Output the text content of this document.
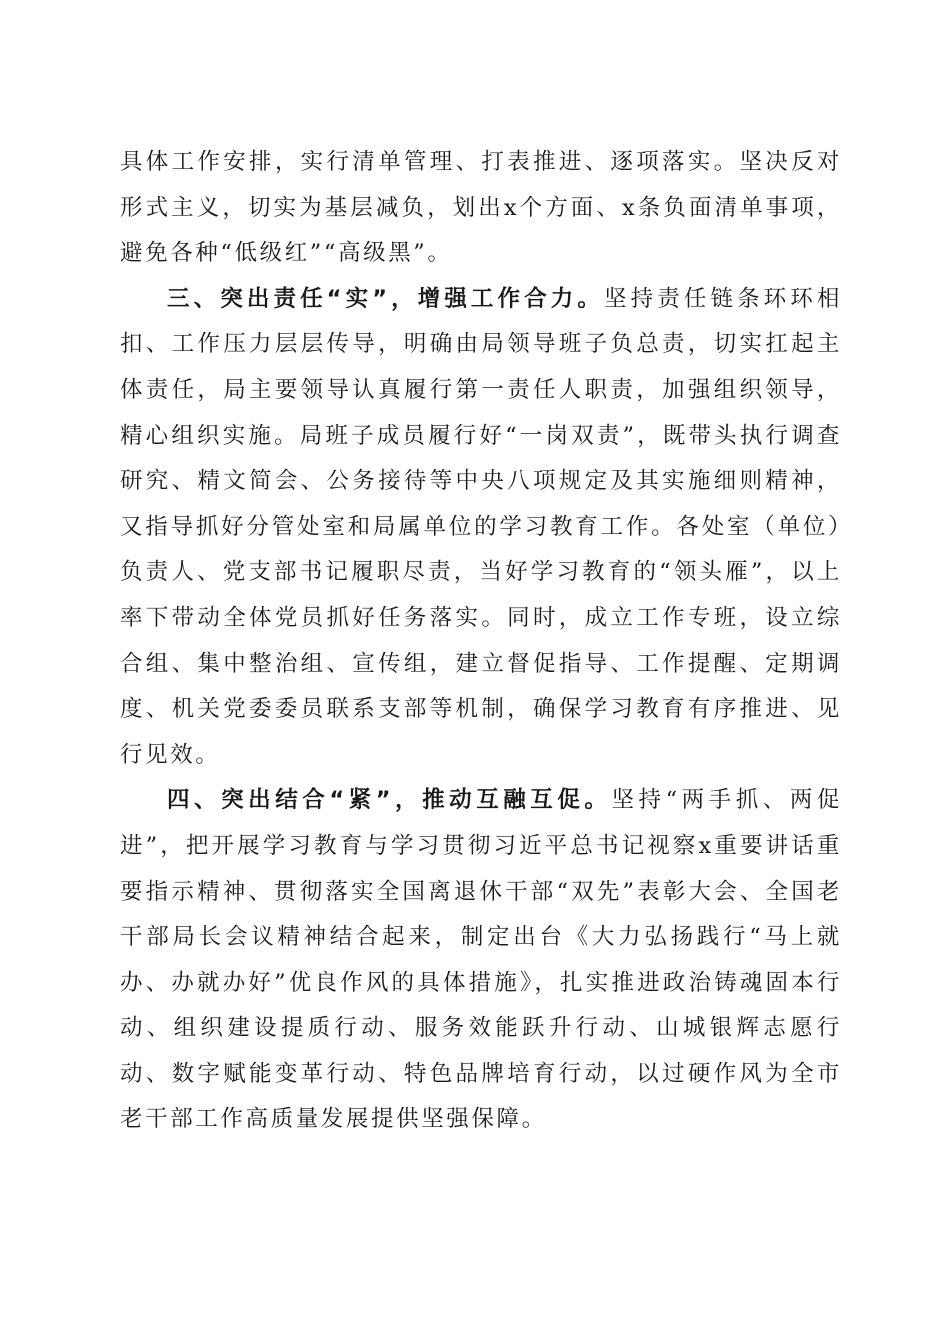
具体工作安排，实行清单管理、打表推进、逐项落实。坚决反对形式主义，切实为基层减负，划出x个方面、x条负面清单事项，避免各种“低级红”“高级黑”。

三、突出责任“实”，增强工作合力。坚持责任链条环环相扣、工作压力层层传导，明确由局领导班子负总责，切实扛起主体责任，局主要领导认真履行第一责任人职责，加强组织领导，精心组织实施。局班子成员履行好“一岗双责”，既带头执行调查研究、精文简会、公务接待等中央八项规定及其实施细则精神，又指导抓好分管处室和局属单位的学习教育工作。各处室（单位）负责人、党支部书记履职尽责，当好学习教育的“领头雁”，以上率下带动全体党员抓好任务落实。同时，成立工作专班，设立综合组、集中整治组、宣传组，建立督促指导、工作提醒、定期调度、机关党委委员联系支部等机制，确保学习教育有序推进、见行见效。

四、突出结合“紧”，推动互融互促。坚持“两手抓、两促进”，把开展学习教育与学习贯彻习近平总书记视察x重要讲话重要指示精神、贯彻落实全国离退休干部“双先”表彰大会、全国老干部局长会议精神结合起来，制定出台《大力弘扬践行“马上就办、办就办好”优良作风的具体措施》，扎实推进政治铸魂固本行动、组织建设提质行动、服务效能跃升行动、山城银辉志愿行动、数字赋能变革行动、特色品牌培育行动，以过硬作风为全市老干部工作高质量发展提供坚强保障。
